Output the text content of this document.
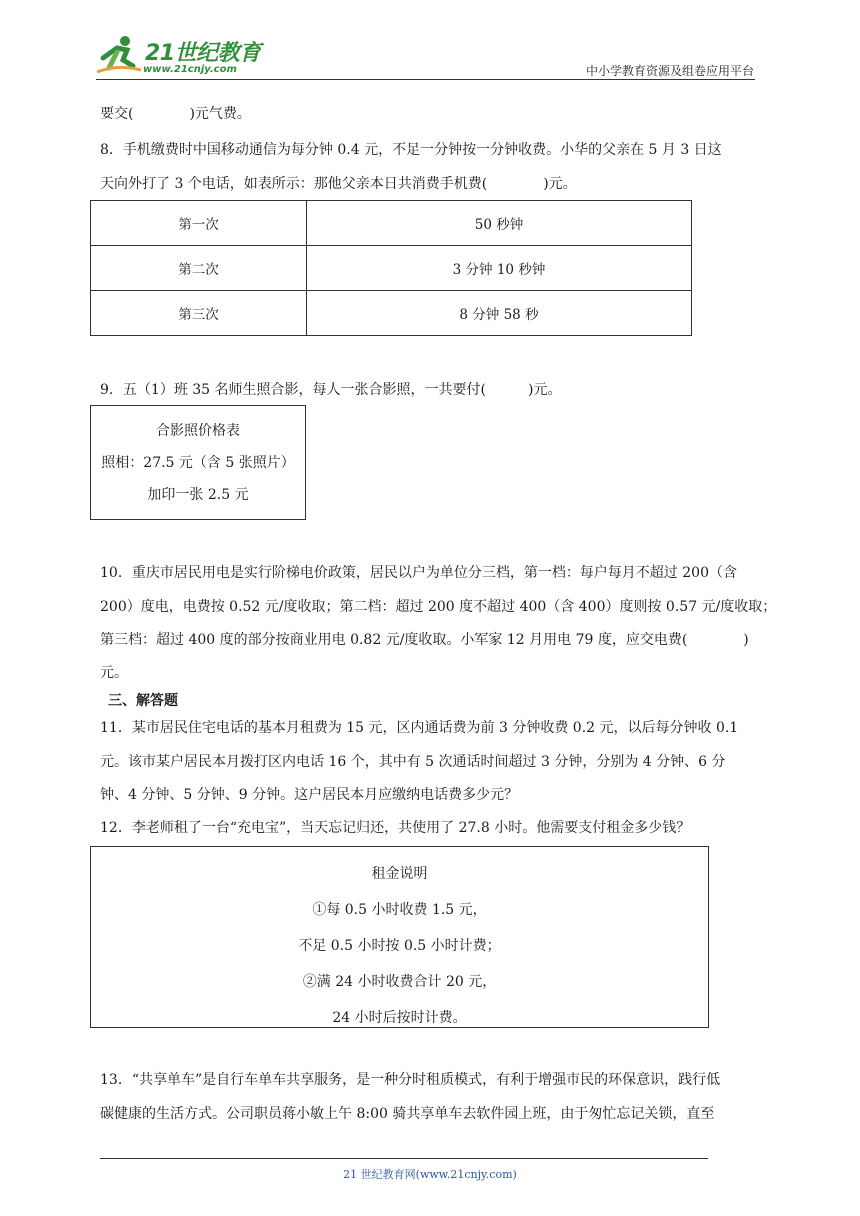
21世纪教育
www.21cnjy.com	中小学教育资源及组卷应用平台
要交(　　　　)元气费。
8．手机缴费时中国移动通信为每分钟 0.4 元，不足一分钟按一分钟收费。小华的父亲在 5 月 3 日这
天向外打了 3 个电话，如表所示：那他父亲本日共消费手机费(　　　　)元。
第一次	50 秒钟
第二次	3 分钟 10 秒钟
第三次	8 分钟 58 秒
9．五（1）班 35 名师生照合影，每人一张合影照，一共要付(　　　)元。
合影照价格表
照相：27.5 元（含 5 张照片）
加印一张 2.5 元
10．重庆市居民用电是实行阶梯电价政策，居民以户为单位分三档，第一档：每户每月不超过 200（含
200）度电，电费按 0.52 元/度收取；第二档：超过 200 度不超过 400（含 400）度则按 0.57 元/度收取；
第三档：超过 400 度的部分按商业用电 0.82 元/度收取。小军家 12 月用电 79 度，应交电费(　　　　)
元。
三、解答题
11．某市居民住宅电话的基本月租费为 15 元，区内通话费为前 3 分钟收费 0.2 元，以后每分钟收 0.1
元。该市某户居民本月拨打区内电话 16 个，其中有 5 次通话时间超过 3 分钟，分别为 4 分钟、6 分
钟、4 分钟、5 分钟、9 分钟。这户居民本月应缴纳电话费多少元？
12．李老师租了一台“充电宝”，当天忘记归还，共使用了 27.8 小时。他需要支付租金多少钱？
租金说明
①每 0.5 小时收费 1.5 元，
不足 0.5 小时按 0.5 小时计费；
②满 24 小时收费合计 20 元，
24 小时后按时计费。
13．“共享单车”是自行车单车共享服务，是一种分时租质模式，有利于增强市民的环保意识，践行低
碳健康的生活方式。公司职员蒋小敏上午 8:00 骑共享单车去软件园上班，由于匆忙忘记关锁，直至
21 世纪教育网(www.21cnjy.com)
